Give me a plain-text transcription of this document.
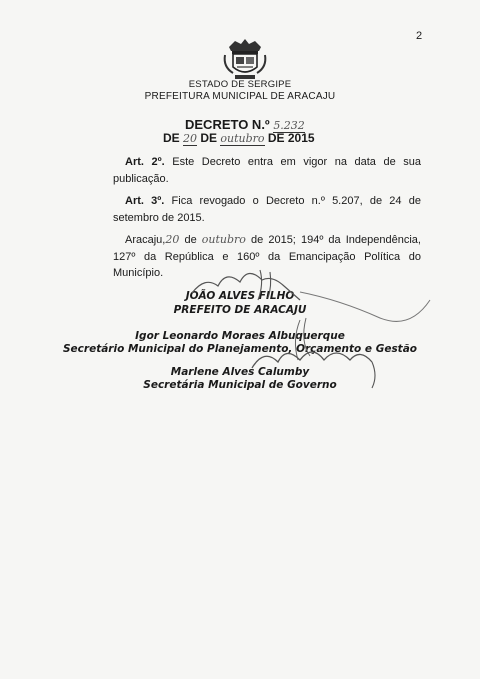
2
ESTADO DE SERGIPE
PREFEITURA MUNICIPAL DE ARACAJU
DECRETO N.º 5.232
DE 20 DE outubro DE 2015
Art. 2º. Este Decreto entra em vigor na data de sua publicação.
Art. 3º. Fica revogado o Decreto n.º 5.207, de 24 de setembro de 2015.
Aracaju,20 de outubro de 2015; 194º da Independência, 127º da República e 160º da Emancipação Política do Município.
JOÃO ALVES FILHO
PREFEITO DE ARACAJU
Igor Leonardo Moraes Albuquerque
Secretário Municipal do Planejamento, Orçamento e Gestão
Marlene Alves Calumby
Secretária Municipal de Governo
